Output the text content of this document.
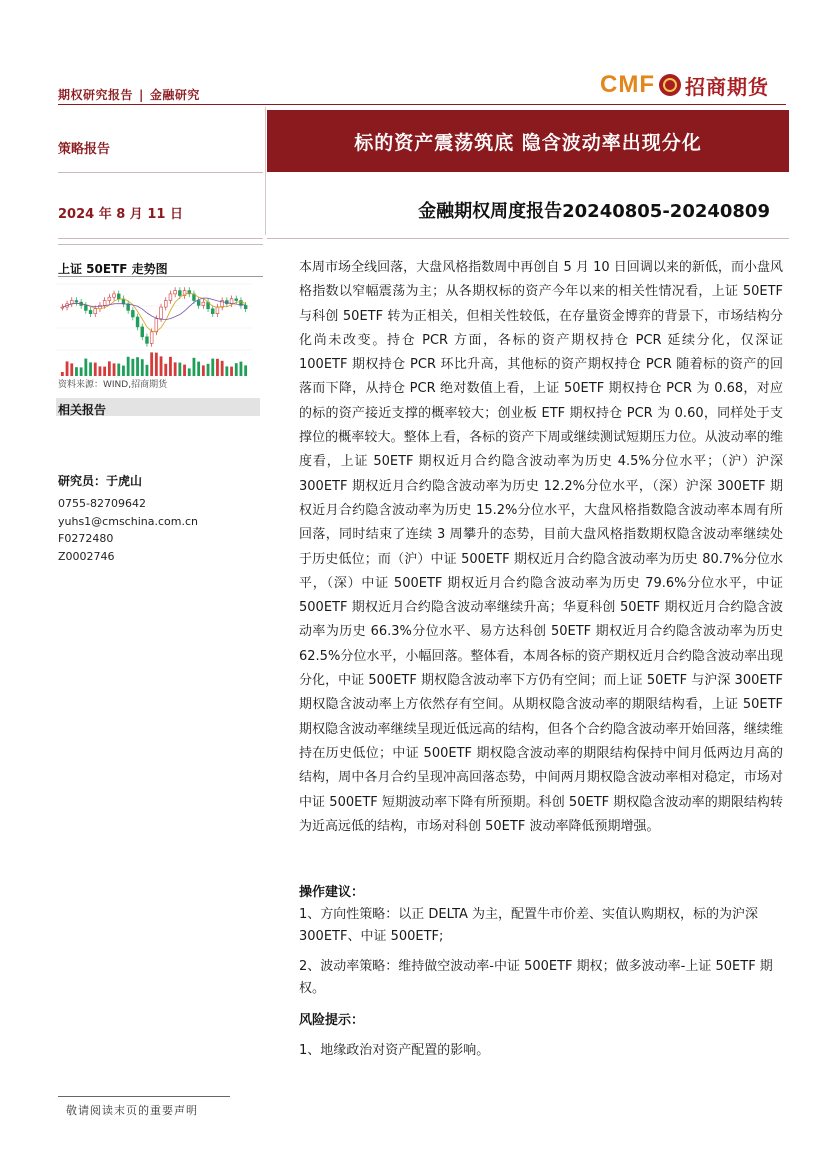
期权研究报告 | 金融研究	CMF 招商期货
策略报告
2024 年 8 月 11 日
标的资产震荡筑底 隐含波动率出现分化
金融期权周度报告20240805-20240809
上证 50ETF 走势图
资料来源：WIND,招商期货
相关报告
研究员：于虎山
0755-82709642
yuhs1@cmschina.com.cn
F0272480
Z0002746
本周市场全线回落，大盘风格指数周中再创自 5 月 10 日回调以来的新低，而小盘风格指数以窄幅震荡为主；从各期权标的资产今年以来的相关性情况看，上证 50ETF 与科创 50ETF 转为正相关，但相关性较低，在存量资金博弈的背景下，市场结构分化尚未改变。持仓 PCR 方面，各标的资产期权持仓 PCR 延续分化，仅深证 100ETF 期权持仓 PCR 环比升高，其他标的资产期权持仓 PCR 随着标的资产的回落而下降，从持仓 PCR 绝对数值上看，上证 50ETF 期权持仓 PCR 为 0.68，对应的标的资产接近支撑的概率较大；创业板 ETF 期权持仓 PCR 为 0.60，同样处于支撑位的概率较大。整体上看，各标的资产下周或继续测试短期压力位。从波动率的维度看，上证 50ETF 期权近月合约隐含波动率为历史 4.5%分位水平；（沪）沪深 300ETF 期权近月合约隐含波动率为历史 12.2%分位水平，（深）沪深 300ETF 期权近月合约隐含波动率为历史 15.2%分位水平，大盘风格指数隐含波动率本周有所回落，同时结束了连续 3 周攀升的态势，目前大盘风格指数期权隐含波动率继续处于历史低位；而（沪）中证 500ETF 期权近月合约隐含波动率为历史 80.7%分位水平，（深）中证 500ETF 期权近月合约隐含波动率为历史 79.6%分位水平，中证 500ETF 期权近月合约隐含波动率继续升高；华夏科创 50ETF 期权近月合约隐含波动率为历史 66.3%分位水平、易方达科创 50ETF 期权近月合约隐含波动率为历史 62.5%分位水平，小幅回落。整体看，本周各标的资产期权近月合约隐含波动率出现分化，中证 500ETF 期权隐含波动率下方仍有空间；而上证 50ETF 与沪深 300ETF 期权隐含波动率上方依然存有空间。从期权隐含波动率的期限结构看，上证 50ETF 期权隐含波动率继续呈现近低远高的结构，但各个合约隐含波动率开始回落，继续维持在历史低位；中证 500ETF 期权隐含波动率的期限结构保持中间月低两边月高的结构，周中各月合约呈现冲高回落态势，中间两月期权隐含波动率相对稳定，市场对中证 500ETF 短期波动率下降有所预期。科创 50ETF 期权隐含波动率的期限结构转为近高远低的结构，市场对科创 50ETF 波动率降低预期增强。
操作建议：
1、方向性策略：以正 DELTA 为主，配置牛市价差、实值认购期权，标的为沪深 300ETF、中证 500ETF;
2、波动率策略：维持做空波动率-中证 500ETF 期权；做多波动率-上证 50ETF 期权。
风险提示：
1、地缘政治对资产配置的影响。
敬请阅读末页的重要声明
